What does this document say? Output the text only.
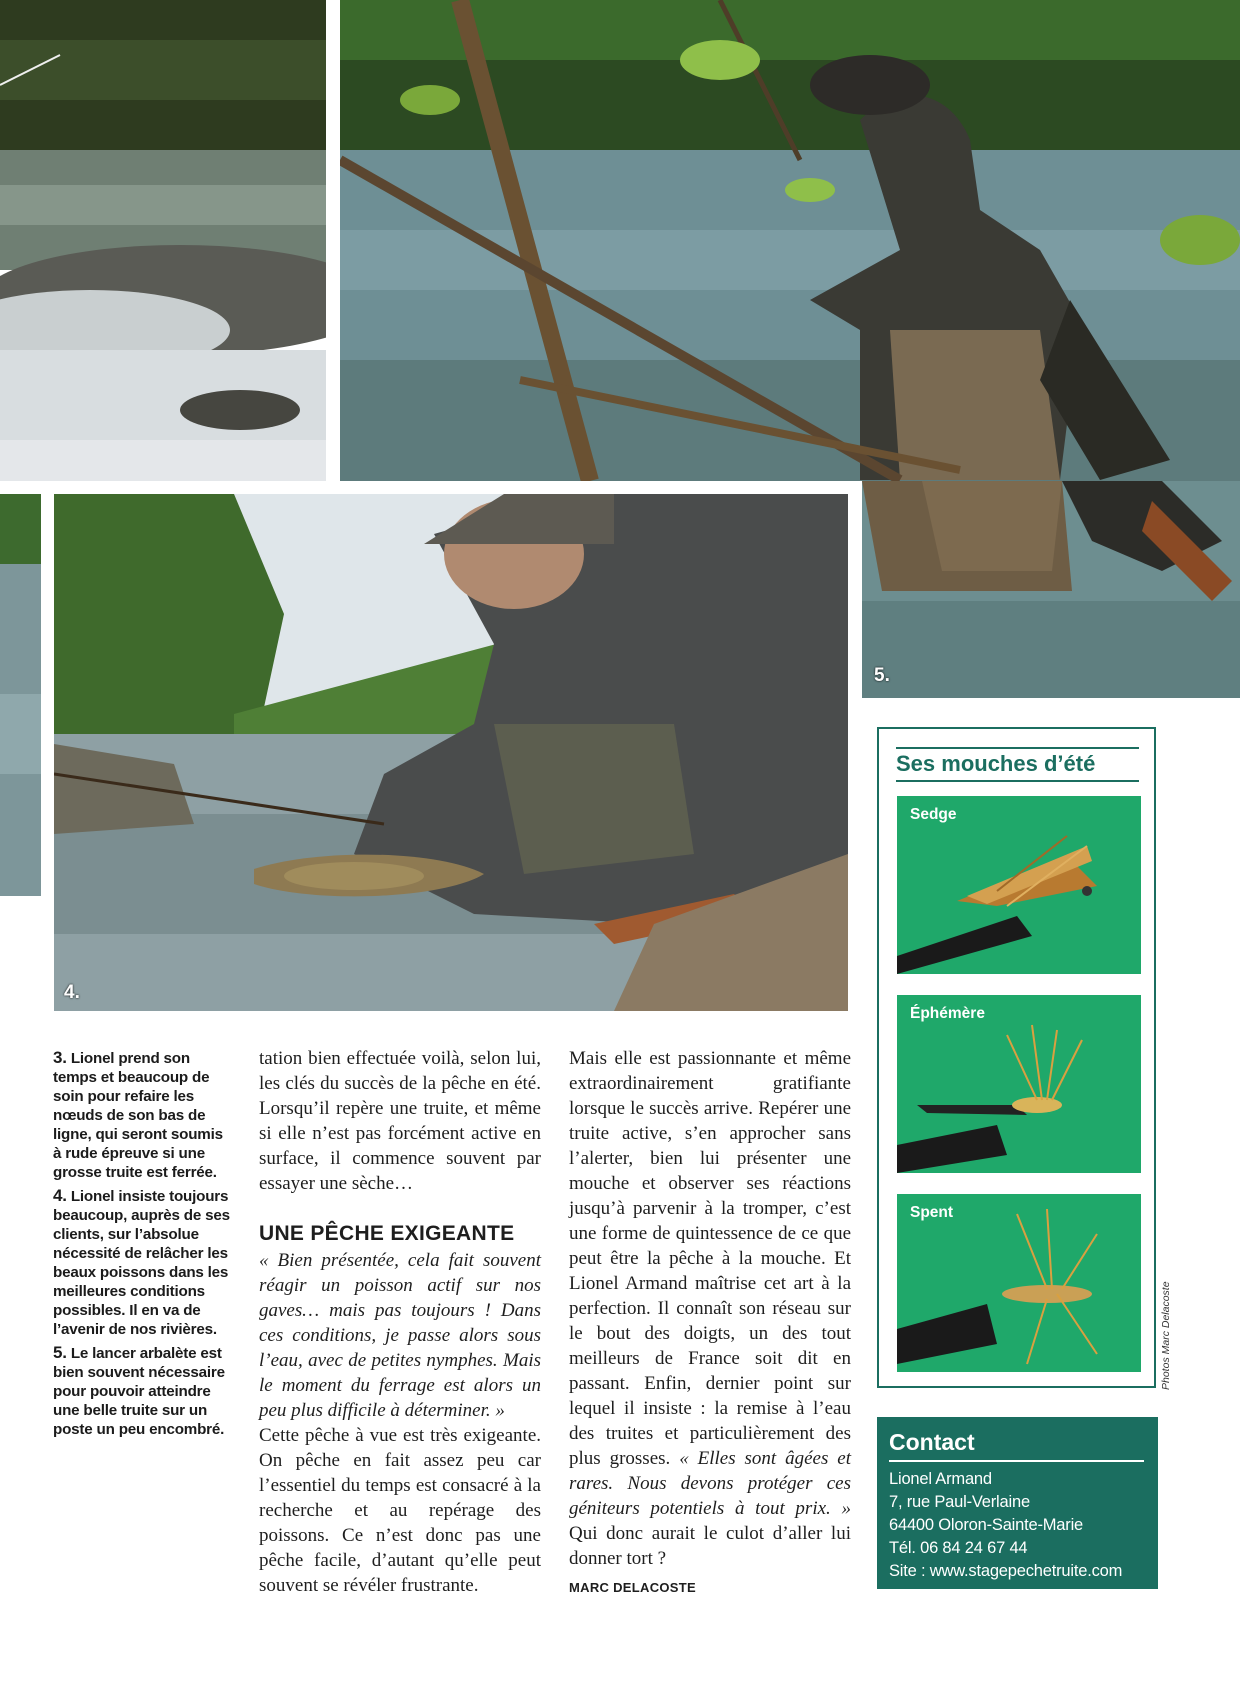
5.
4.

3. Lionel prend son temps et beaucoup de soin pour refaire les nœuds de son bas de ligne, qui seront soumis à rude épreuve si une grosse truite est ferrée.

4. Lionel insiste toujours beaucoup, auprès de ses clients, sur l’absolue nécessité de relâcher les beaux poissons dans les meilleures conditions possibles. Il en va de l’avenir de nos rivières.

5. Le lancer arbalète est bien souvent nécessaire pour pouvoir atteindre une belle truite sur un poste un peu encombré.

tation bien effectuée voilà, selon lui, les clés du succès de la pêche en été. Lorsqu’il repère une truite, et même si elle n’est pas forcément active en surface, il commence souvent par essayer une sèche…

UNE PÊCHE EXIGEANTE

« Bien présentée, cela fait souvent réagir un poisson actif sur nos gaves… mais pas toujours ! Dans ces conditions, je passe alors sous l’eau, avec de petites nymphes. Mais le moment du ferrage est alors un peu plus difficile à déterminer. »

Cette pêche à vue est très exigeante. On pêche en fait assez peu car l’essentiel du temps est consacré à la recherche et au repérage des poissons. Ce n’est donc pas une pêche facile, d’autant qu’elle peut souvent se révéler frustrante.

Mais elle est passionnante et même extraordinairement gratifiante lorsque le succès arrive. Repérer une truite active, s’en approcher sans l’alerter, bien lui présenter une mouche et observer ses réactions jusqu’à parvenir à la tromper, c’est une forme de quintessence de ce que peut être la pêche à la mouche. Et Lionel Armand maîtrise cet art à la perfection. Il connaît son réseau sur le bout des doigts, un des tout meilleurs de France soit dit en passant. Enfin, dernier point sur lequel il insiste : la remise à l’eau des truites et particulièrement des plus grosses. « Elles sont âgées et rares. Nous devons protéger ces géniteurs potentiels à tout prix. » Qui donc aurait le culot d’aller lui donner tort ?

MARC DELACOSTE
Ses mouches d’été
Sedge
Éphémère
Spent
Photos Marc Delacoste
Contact
Lionel Armand
7, rue Paul-Verlaine
64400 Oloron-Sainte-Marie
Tél. 06 84 24 67 44
Site : www.stagepechetruite.com
